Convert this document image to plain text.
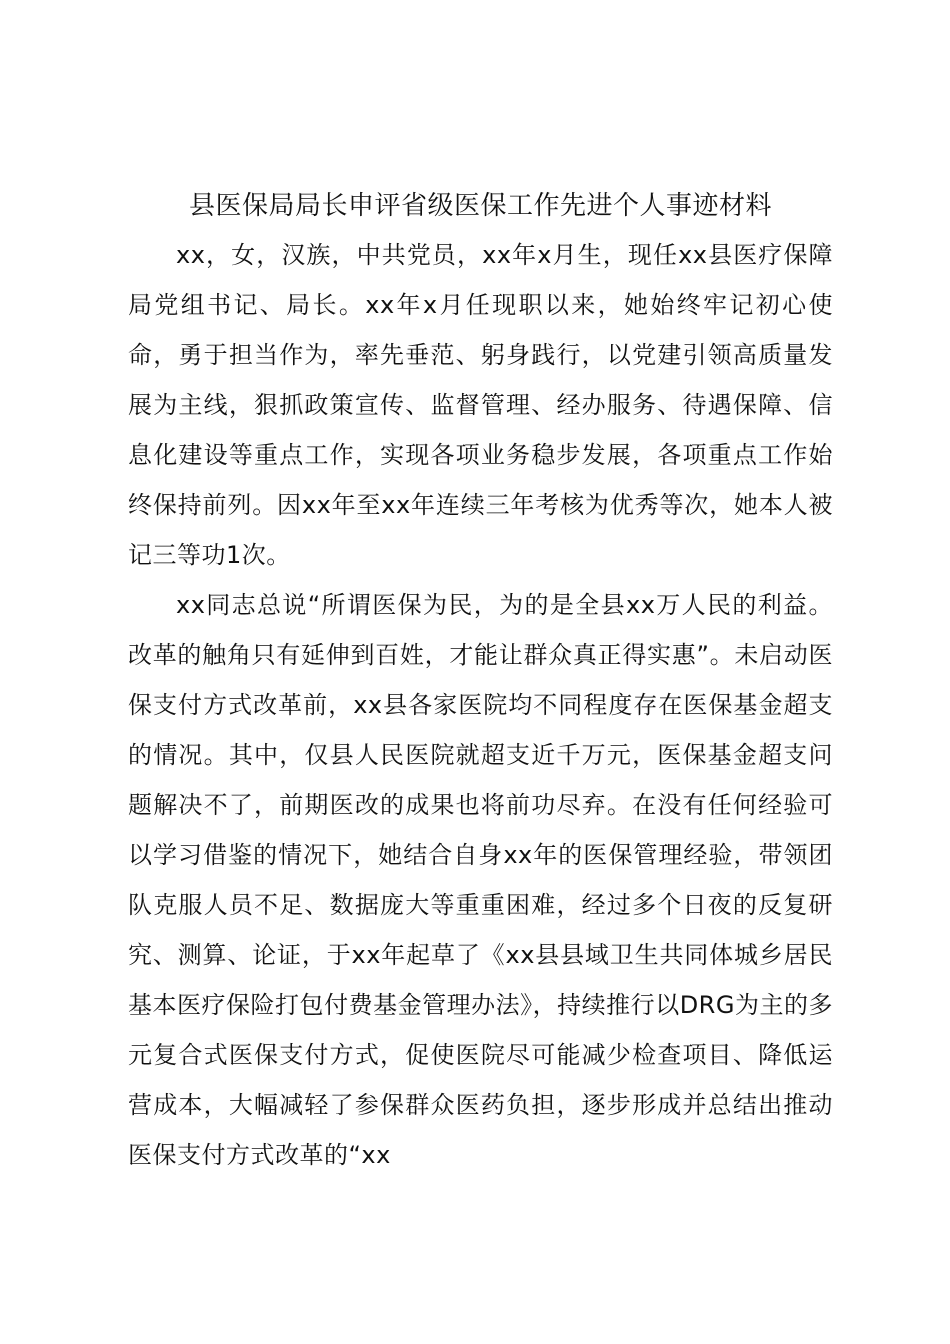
县医保局局长申评省级医保工作先进个人事迹材料

xx，女，汉族，中共党员，xx年x月生，现任xx县医疗保障局党组书记、局长。xx年x月任现职以来，她始终牢记初心使命，勇于担当作为，率先垂范、躬身践行，以党建引领高质量发展为主线，狠抓政策宣传、监督管理、经办服务、待遇保障、信息化建设等重点工作，实现各项业务稳步发展，各项重点工作始终保持前列。因xx年至xx年连续三年考核为优秀等次，她本人被记三等功1次。

xx同志总说“所谓医保为民，为的是全县xx万人民的利益。改革的触角只有延伸到百姓，才能让群众真正得实惠”。未启动医保支付方式改革前，xx县各家医院均不同程度存在医保基金超支的情况。其中，仅县人民医院就超支近千万元，医保基金超支问题解决不了，前期医改的成果也将前功尽弃。在没有任何经验可以学习借鉴的情况下，她结合自身xx年的医保管理经验，带领团队克服人员不足、数据庞大等重重困难，经过多个日夜的反复研究、测算、论证，于xx年起草了《xx县县域卫生共同体城乡居民基本医疗保险打包付费基金管理办法》，持续推行以DRG为主的多元复合式医保支付方式，促使医院尽可能减少检查项目、降低运营成本，大幅减轻了参保群众医药负担，逐步形成并总结出推动医保支付方式改革的“xx
